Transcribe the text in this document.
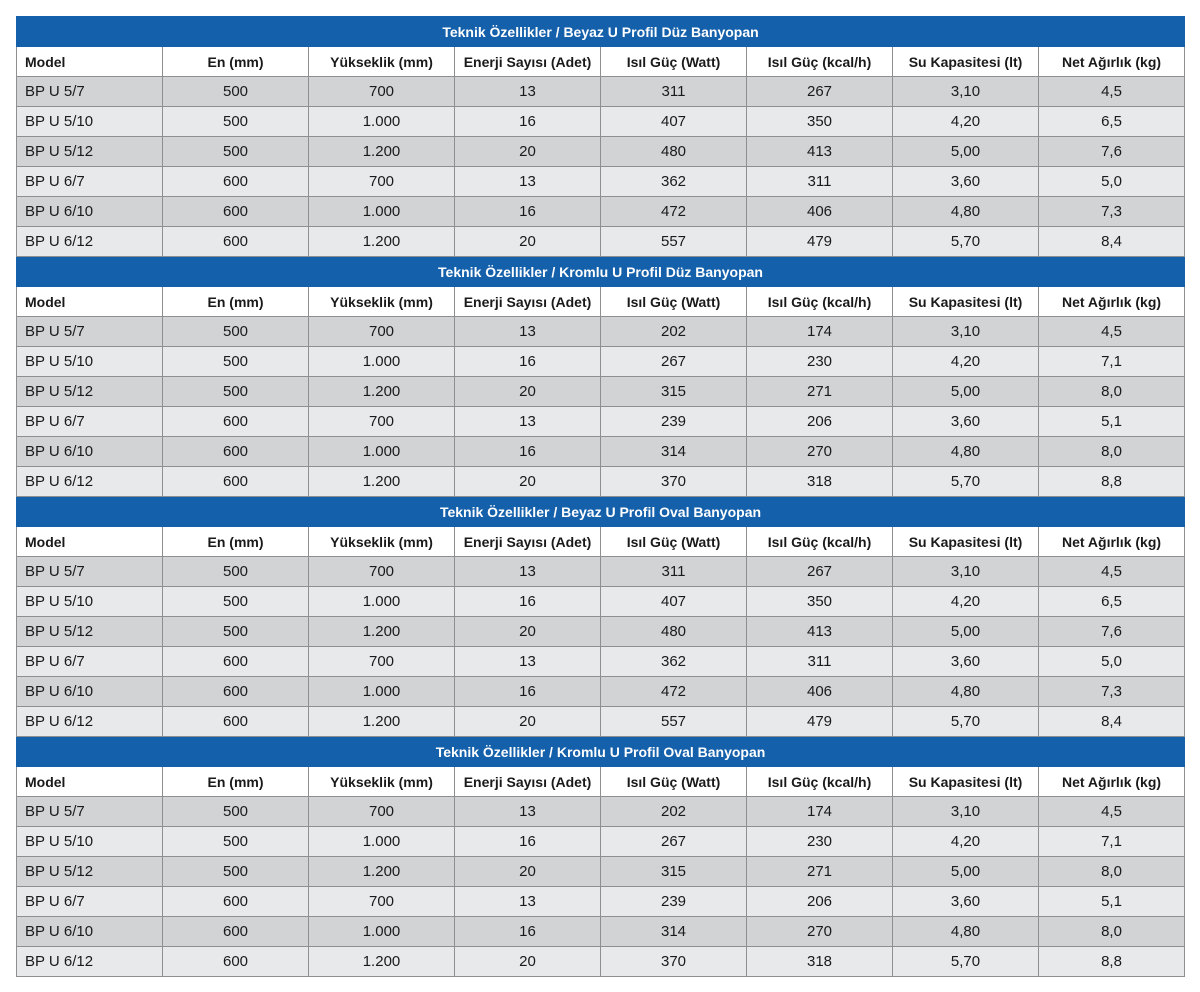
Teknik Özellikler / Beyaz U Profil Düz Banyopan							
Model	En (mm)	Yükseklik (mm)	Enerji Sayısı (Adet)	Isıl Güç (Watt)	Isıl Güç (kcal/h)	Su Kapasitesi (lt)	Net Ağırlık (kg)
BP U 5/7	500	700	13	311	267	3,10	4,5
BP U 5/10	500	1.000	16	407	350	4,20	6,5
BP U 5/12	500	1.200	20	480	413	5,00	7,6
BP U 6/7	600	700	13	362	311	3,60	5,0
BP U 6/10	600	1.000	16	472	406	4,80	7,3
BP U 6/12	600	1.200	20	557	479	5,70	8,4
Teknik Özellikler / Kromlu U Profil Düz Banyopan							
Model	En (mm)	Yükseklik (mm)	Enerji Sayısı (Adet)	Isıl Güç (Watt)	Isıl Güç (kcal/h)	Su Kapasitesi (lt)	Net Ağırlık (kg)
BP U 5/7	500	700	13	202	174	3,10	4,5
BP U 5/10	500	1.000	16	267	230	4,20	7,1
BP U 5/12	500	1.200	20	315	271	5,00	8,0
BP U 6/7	600	700	13	239	206	3,60	5,1
BP U 6/10	600	1.000	16	314	270	4,80	8,0
BP U 6/12	600	1.200	20	370	318	5,70	8,8
Teknik Özellikler / Beyaz U Profil Oval Banyopan							
Model	En (mm)	Yükseklik (mm)	Enerji Sayısı (Adet)	Isıl Güç (Watt)	Isıl Güç (kcal/h)	Su Kapasitesi (lt)	Net Ağırlık (kg)
BP U 5/7	500	700	13	311	267	3,10	4,5
BP U 5/10	500	1.000	16	407	350	4,20	6,5
BP U 5/12	500	1.200	20	480	413	5,00	7,6
BP U 6/7	600	700	13	362	311	3,60	5,0
BP U 6/10	600	1.000	16	472	406	4,80	7,3
BP U 6/12	600	1.200	20	557	479	5,70	8,4
Teknik Özellikler / Kromlu U Profil Oval Banyopan							
Model	En (mm)	Yükseklik (mm)	Enerji Sayısı (Adet)	Isıl Güç (Watt)	Isıl Güç (kcal/h)	Su Kapasitesi (lt)	Net Ağırlık (kg)
BP U 5/7	500	700	13	202	174	3,10	4,5
BP U 5/10	500	1.000	16	267	230	4,20	7,1
BP U 5/12	500	1.200	20	315	271	5,00	8,0
BP U 6/7	600	700	13	239	206	3,60	5,1
BP U 6/10	600	1.000	16	314	270	4,80	8,0
BP U 6/12	600	1.200	20	370	318	5,70	8,8
